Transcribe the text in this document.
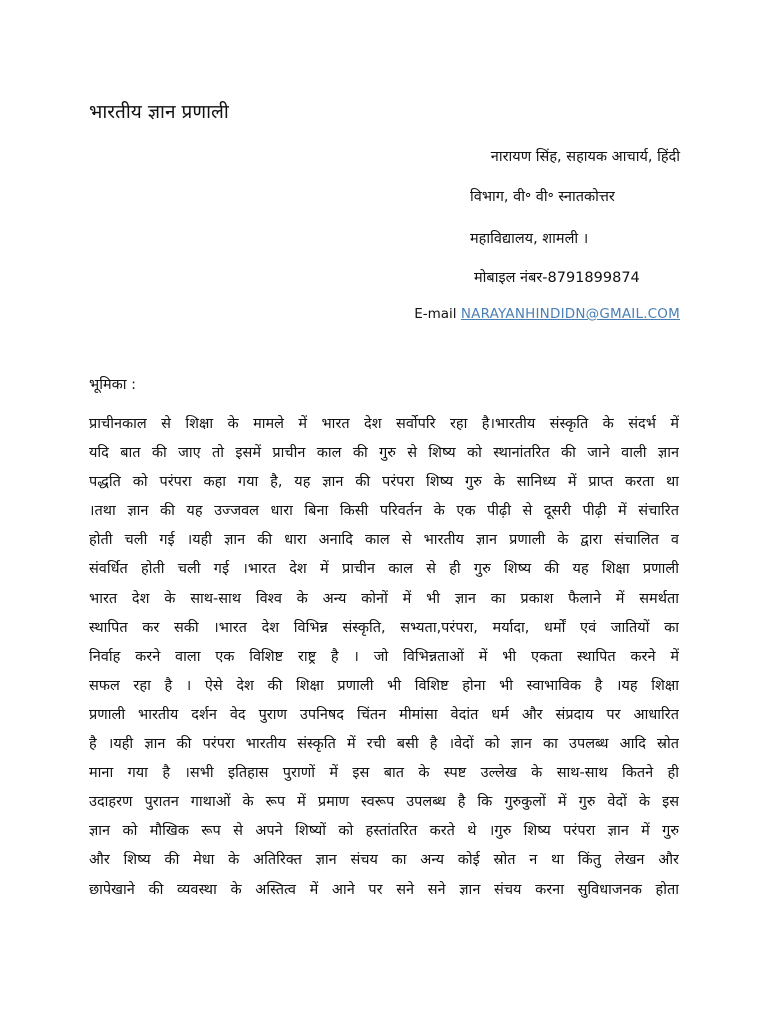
भारतीय ज्ञान प्रणाली
नारायण सिंह, सहायक आचार्य, हिंदी
विभाग, वी॰ वी॰ स्नातकोत्तर
महाविद्यालय, शामली ।
मोबाइल नंबर-8791899874
E-mail NARAYANHINDIDN@GMAIL.COM
भूमिका :
प्राचीनकाल से शिक्षा के मामले में भारत देश सर्वोपरि रहा है।भारतीय संस्कृति के संदर्भ में
यदि बात की जाए तो इसमें प्राचीन काल की गुरु से शिष्य को स्थानांतरित की जाने वाली ज्ञान
पद्धति को परंपरा कहा गया है, यह ज्ञान की परंपरा शिष्य गुरु के सानिध्य में प्राप्त करता था
।तथा ज्ञान की यह उज्जवल धारा बिना किसी परिवर्तन के एक पीढ़ी से दूसरी पीढ़ी में संचारित
होती चली गई ।यही ज्ञान की धारा अनादि काल से भारतीय ज्ञान प्रणाली के द्वारा संचालित व
संवर्धित होती चली गई ।भारत देश में प्राचीन काल से ही गुरु शिष्य की यह शिक्षा प्रणाली
भारत देश के साथ-साथ विश्व के अन्य कोनों में भी ज्ञान का प्रकाश फैलाने में समर्थता
स्थापित कर सकी ।भारत देश विभिन्न संस्कृति, सभ्यता,परंपरा, मर्यादा, धर्मों एवं जातियों का
निर्वाह करने वाला एक विशिष्ट राष्ट्र है । जो विभिन्नताओं में भी एकता स्थापित करने में
सफल रहा है । ऐसे देश की शिक्षा प्रणाली भी विशिष्ट होना भी स्वाभाविक है ।यह शिक्षा
प्रणाली भारतीय दर्शन वेद पुराण उपनिषद चिंतन मीमांसा वेदांत धर्म और संप्रदाय पर आधारित
है ।यही ज्ञान की परंपरा भारतीय संस्कृति में रची बसी है ।वेदों को ज्ञान का उपलब्ध आदि स्रोत
माना गया है ।सभी इतिहास पुराणों में इस बात के स्पष्ट उल्लेख के साथ-साथ कितने ही
उदाहरण पुरातन गाथाओं के रूप में प्रमाण स्वरूप उपलब्ध है कि गुरुकुलों में गुरु वेदों के इस
ज्ञान को मौखिक रूप से अपने शिष्यों को हस्तांतरित करते थे ।गुरु शिष्य परंपरा ज्ञान में गुरु
और शिष्य की मेधा के अतिरिक्त ज्ञान संचय का अन्य कोई स्रोत न था किंतु लेखन और
छापेखाने की व्यवस्था के अस्तित्व में आने पर सने सने ज्ञान संचय करना सुविधाजनक होता
